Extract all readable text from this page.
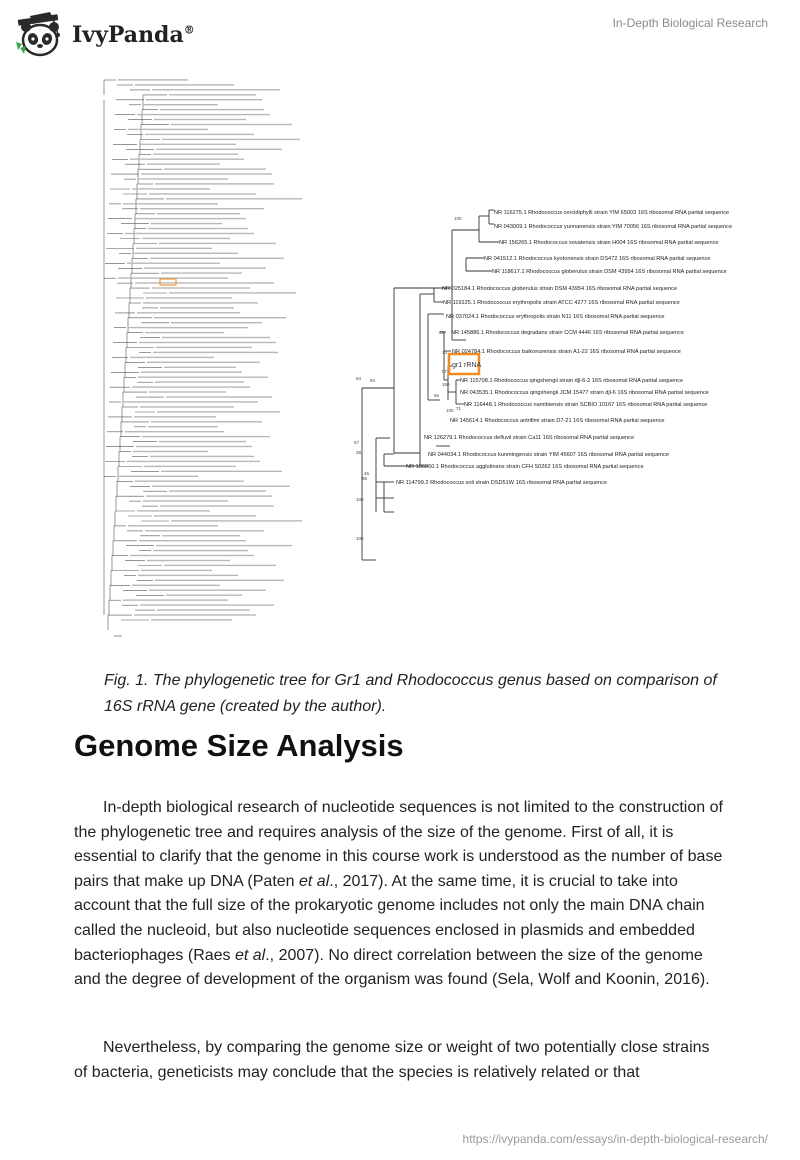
IvyPanda®
In-Depth Biological Research
gr1 rRNA
NR 116275.1 Rhodococcus cercidiphylli strain YIM 65003 16S ribosomal RNA partial sequence
NR 043009.1 Rhodococcus yunnanensis strain YIM 70056 16S ribosomal RNA partial sequence
NR 156265.1 Rhodococcus sovatensis strain H004 16S ribosomal RNA partial sequence
NR 041512.1 Rhodococcus kyotonensis strain DS472 16S ribosomal RNA partial sequence
NR 118617.1 Rhodococcus globerulus strain DSM 43954 16S ribosomal RNA partial sequence
NR 025184.1 Rhodococcus globerulus strain DSM 43954 16S ribosomal RNA partial sequence
NR 119125.1 Rhodococcus erythropolis strain ATCC 4277 16S ribosomal RNA partial sequence
NR 037024.1 Rhodococcus erythropolis strain N11 16S ribosomal RNA partial sequence
NR 145886.1 Rhodococcus degradans strain CCM 4446 16S ribosomal RNA partial sequence
NR 024784.1 Rhodococcus baikonurensis strain A1-22 16S ribosomal RNA partial sequence
NR 115708.1 Rhodococcus qingshengii strain djl-6-2 16S ribosomal RNA partial sequence
NR 043535.1 Rhodococcus qingshengii JCM 15477 strain djl-6 16S ribosomal RNA partial sequence
NR 116448.1 Rhodococcus namibiensis strain SCBIO 10167 16S ribosomal RNA partial sequence
NR 145614.1 Rhodococcus antrifimi strain D7-21 16S ribosomal RNA partial sequence
NR 126279.1 Rhodococcus defluvii strain Ca11 16S ribosomal RNA partial sequence
NR 044034.1 Rhodococcus kunmingensis strain YIM 45607 16S ribosomal RNA partial sequence
NR 136860.1 Rhodococcus agglutinans strain CFH S0262 16S ribosomal RNA partial sequence
NR 114799.2 Rhodococcus soli strain DSD51W 16S ribosomal RNA partial sequence
100
94
63
97
73
100
55
100 71
54
67
96
45
38
100
100
Fig. 1. The phylogenetic tree for Gr1 and Rhodococcus genus based on comparison of 16S rRNA gene (created by the author).
Genome Size Analysis

In-depth biological research of nucleotide sequences is not limited to the construction of the phylogenetic tree and requires analysis of the size of the genome. First of all, it is essential to clarify that the genome in this course work is understood as the number of base pairs that make up DNA (Paten et al., 2017). At the same time, it is crucial to take into account that the full size of the prokaryotic genome includes not only the main DNA chain called the nucleoid, but also nucleotide sequences enclosed in plasmids and embedded bacteriophages (Raes et al., 2007). No direct correlation between the size of the genome and the degree of development of the organism was found (Sela, Wolf and Koonin, 2016).

Nevertheless, by comparing the genome size or weight of two potentially close strains of bacteria, geneticists may conclude that the species is relatively related or that

https://ivypanda.com/essays/in-depth-biological-research/
